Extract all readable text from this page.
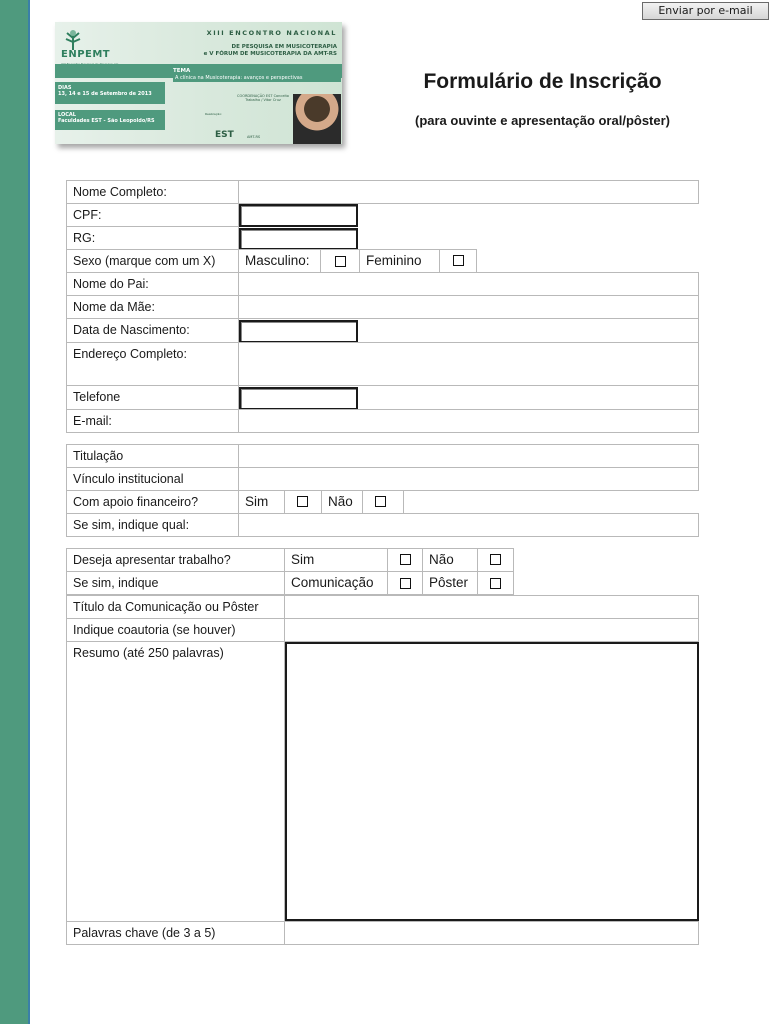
Enviar por e-mail
ENPEMT
XIII ENCONTRO NACIONAL
DE PESQUISA EM MUSICOTERAPIA
e V FÓRUM DE MUSICOTERAPIA DA AMT-RS
TEMA
A clínica na Musicoterapia: avanços e perspectivas
DIAS
13, 14 e 15 de Setembro de 2013
LOCAL
Faculdades EST - São Leopoldo/RS
COORDENAÇÃO EST Conceito Trabalho / Vitor Cruz
Realização:
EST	AMT-RS
Formulário de Inscrição
(para ouvinte e apresentação oral/pôster)
Nome Completo:
CPF:
RG:
Sexo (marque com um X)	Masculino:	Feminino
Nome do Pai:
Nome da Mãe:
Data de Nascimento:
Endereço Completo:
Telefone
E-mail:
Titulação
Vínculo institucional
Com apoio financeiro?	Sim	Não
Se sim, indique qual:
Deseja apresentar trabalho?	Sim	Não
Se sim, indique	Comunicação	Pôster
Título da Comunicação ou Pôster
Indique coautoria (se houver)
Resumo (até 250 palavras)
Palavras chave (de 3 a 5)
